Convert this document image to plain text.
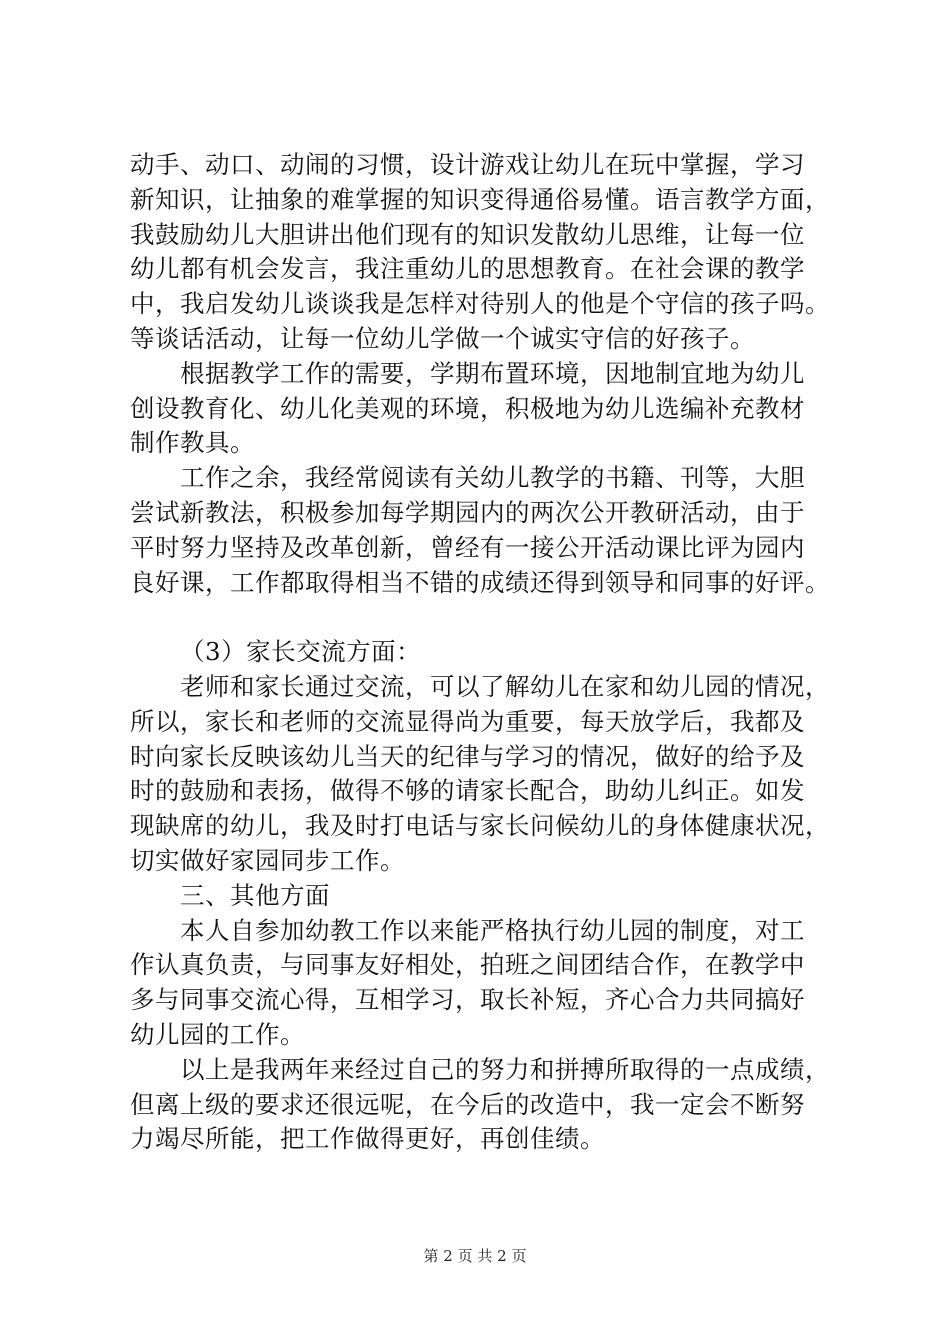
动手、动口、动闹的习惯，设计游戏让幼儿在玩中掌握，学习
新知识，让抽象的难掌握的知识变得通俗易懂。语言教学方面，
我鼓励幼儿大胆讲出他们现有的知识发散幼儿思维，让每一位
幼儿都有机会发言，我注重幼儿的思想教育。在社会课的教学
中，我启发幼儿谈谈我是怎样对待别人的他是个守信的孩子吗。
等谈话活动，让每一位幼儿学做一个诚实守信的好孩子。
根据教学工作的需要，学期布置环境，因地制宜地为幼儿
创设教育化、幼儿化美观的环境，积极地为幼儿选编补充教材
制作教具。
工作之余，我经常阅读有关幼儿教学的书籍、刊等，大胆
尝试新教法，积极参加每学期园内的两次公开教研活动，由于
平时努力坚持及改革创新，曾经有一接公开活动课比评为园内
良好课，工作都取得相当不错的成绩还得到领导和同事的好评。
（3）家长交流方面：
老师和家长通过交流，可以了解幼儿在家和幼儿园的情况，
所以，家长和老师的交流显得尚为重要，每天放学后，我都及
时向家长反映该幼儿当天的纪律与学习的情况，做好的给予及
时的鼓励和表扬，做得不够的请家长配合，助幼儿纠正。如发
现缺席的幼儿，我及时打电话与家长问候幼儿的身体健康状况，
切实做好家园同步工作。
三、其他方面
本人自参加幼教工作以来能严格执行幼儿园的制度，对工
作认真负责，与同事友好相处，拍班之间团结合作，在教学中
多与同事交流心得，互相学习，取长补短，齐心合力共同搞好
幼儿园的工作。
以上是我两年来经过自己的努力和拼搏所取得的一点成绩，
但离上级的要求还很远呢，在今后的改造中，我一定会不断努
力竭尽所能，把工作做得更好，再创佳绩。
第 2 页 共 2 页
